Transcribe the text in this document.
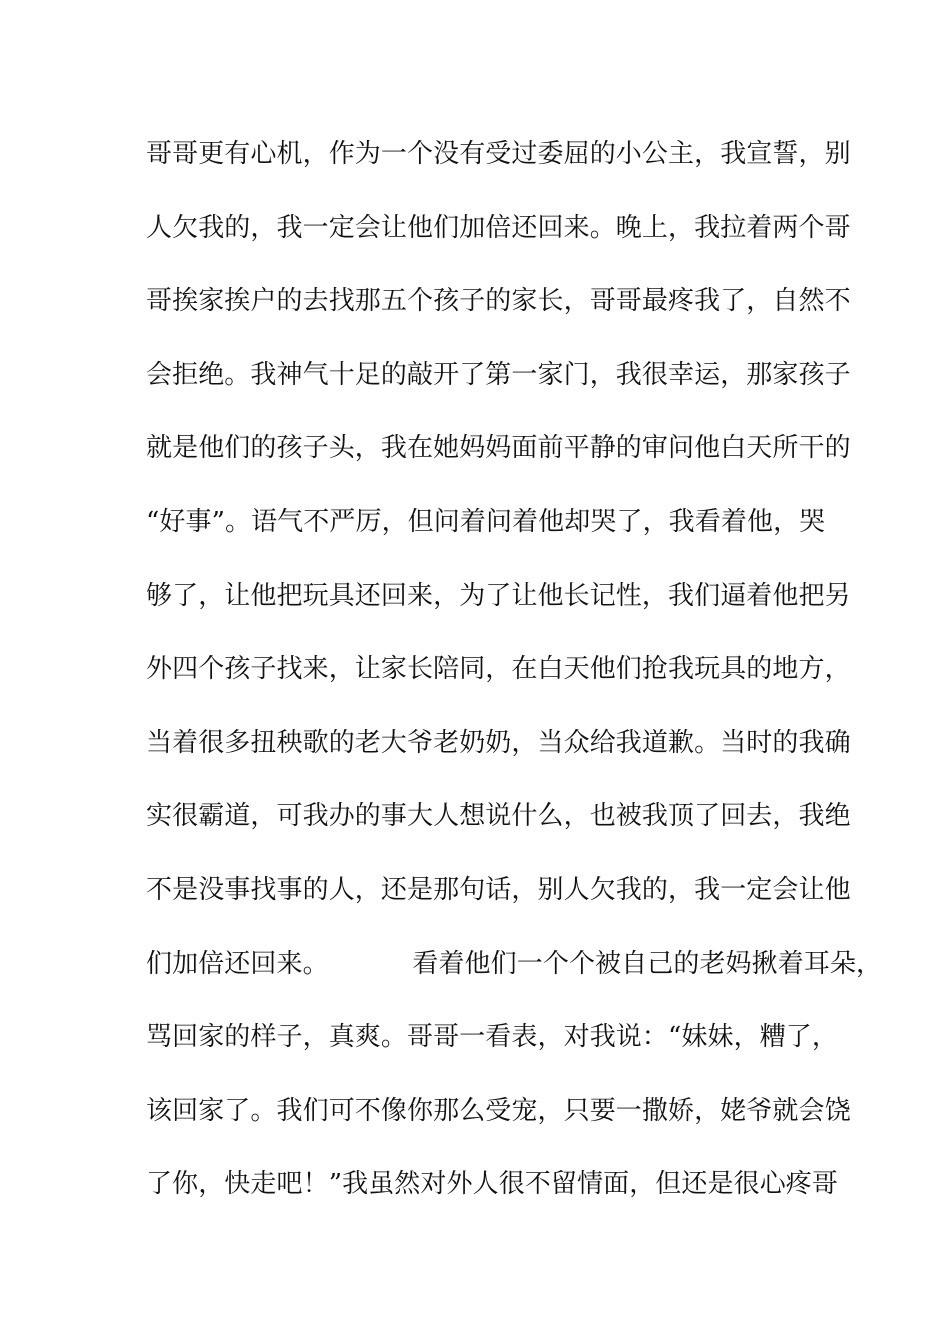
哥哥更有心机，作为一个没有受过委屈的小公主，我宣誓，别
人欠我的，我一定会让他们加倍还回来。晚上，我拉着两个哥
哥挨家挨户的去找那五个孩子的家长，哥哥最疼我了，自然不
会拒绝。我神气十足的敲开了第一家门，我很幸运，那家孩子
就是他们的孩子头，我在她妈妈面前平静的审问他白天所干的
“好事”。语气不严厉，但问着问着他却哭了，我看着他，哭
够了，让他把玩具还回来，为了让他长记性，我们逼着他把另
外四个孩子找来，让家长陪同，在白天他们抢我玩具的地方，
当着很多扭秧歌的老大爷老奶奶，当众给我道歉。当时的我确
实很霸道，可我办的事大人想说什么，也被我顶了回去，我绝
不是没事找事的人，还是那句话，别人欠我的，我一定会让他
们加倍还回来。          看着他们一个个被自己的老妈揪着耳朵，
骂回家的样子，真爽。哥哥一看表，对我说：“妹妹，糟了，
该回家了。我们可不像你那么受宠，只要一撒娇，姥爷就会饶
了你，快走吧！”我虽然对外人很不留情面，但还是很心疼哥
